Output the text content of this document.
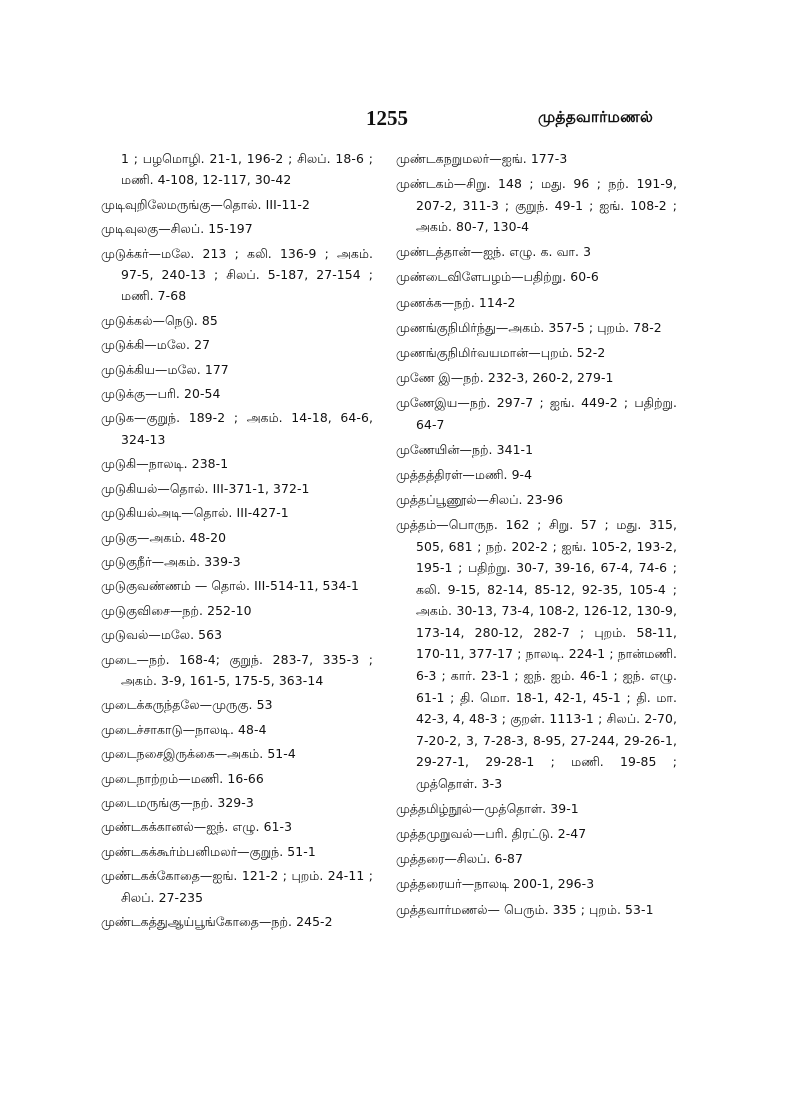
1255	முத்தவார்மணல்
1 ; பழமொழி. 21-1, 196-2 ; சிலப். 18-6 ; மணி. 4-108, 12-117, 30-42
முடிவுறிலேமருங்கு—தொல். III-11-2
முடிவுலகு—சிலப். 15-197
முடுக்கர்—மலே. 213 ; கலி. 136-9 ; அகம். 97-5, 240-13 ; சிலப். 5-187, 27-154 ; மணி. 7-68
முடுக்கல்—நெடு. 85
முடுக்கி—மலே. 27
முடுக்கிய—மலே. 177
முடுக்கு—பரி. 20-54
முடுக—குறுந். 189-2 ; அகம். 14-18, 64-6, 324-13
முடுகி—நாலடி. 238-1
முடுகியல்—தொல். III-371-1, 372-1
முடுகியல்அடி—தொல். III-427-1
முடுகு—அகம். 48-20
முடுகுநீர்—அகம். 339-3
முடுகுவண்ணம் — தொல். III-514-11, 534-1
முடுகுவிசை—நற். 252-10
முடுவல்—மலே. 563
முடை—நற். 168-4; குறுந். 283-7, 335-3 ; அகம். 3-9, 161-5, 175-5, 363-14
முடைக்கருந்தலே—முருகு. 53
முடைச்சாகாடு—நாலடி. 48-4
முடைநசைஇருக்கை—அகம். 51-4
முடைநாற்றம்—மணி. 16-66
முடைமருங்கு—நற். 329-3
முண்டகக்கானல்—ஐந். எழு. 61-3
முண்டகக்கூர்ம்பனிமலர்—குறுந். 51-1
முண்டகக்கோதை—ஐங். 121-2 ; புறம். 24-11 ; சிலப். 27-235
முண்டகத்துஆய்பூங்கோதை—நற். 245-2
முண்டகநறுமலர்—ஐங். 177-3
முண்டகம்—சிறு. 148 ; மது. 96 ; நற். 191-9, 207-2, 311-3 ; குறுந். 49-1 ; ஐங். 108-2 ; அகம். 80-7, 130-4
முண்டத்தான்—ஐந். எழு. க. வா. 3
முண்டைவிளேபழம்—பதிற்று. 60-6
முணக்க—நற். 114-2
முணங்குநிமிர்ந்து—அகம். 357-5 ; புறம். 78-2
முணங்குநிமிர்வயமான்—புறம். 52-2
முணே இ—நற். 232-3, 260-2, 279-1
முணேஇய—நற். 297-7 ; ஐங். 449-2 ; பதிற்று. 64-7
முணேயின்—நற். 341-1
முத்தத்திரள்—மணி. 9-4
முத்தப்பூணூல்—சிலப். 23-96
முத்தம்—பொருந. 162 ; சிறு. 57 ; மது. 315, 505, 681 ; நற். 202-2 ; ஐங். 105-2, 193-2, 195-1 ; பதிற்று. 30-7, 39-16, 67-4, 74-6 ; கலி. 9-15, 82-14, 85-12, 92-35, 105-4 ; அகம். 30-13, 73-4, 108-2, 126-12, 130-9, 173-14, 280-12, 282-7 ; புறம். 58-11, 170-11, 377-17 ; நாலடி. 224-1 ; நான்மணி. 6-3 ; கார். 23-1 ; ஐந். ஐம். 46-1 ; ஐந். எழு. 61-1 ; தி. மொ. 18-1, 42-1, 45-1 ; தி. மா. 42-3, 4, 48-3 ; குறள். 1113-1 ; சிலப். 2-70, 7-20-2, 3, 7-28-3, 8-95, 27-244, 29-26-1, 29-27-1, 29-28-1 ; மணி. 19-85 ; முத்தொள். 3-3
முத்தமிழ்நூல்—முத்தொள். 39-1
முத்தமுறுவல்—பரி. திரட்டு. 2-47
முத்தரை—சிலப். 6-87
முத்தரையர்—நாலடி 200-1, 296-3
முத்தவார்மணல்— பெரும். 335 ; புறம். 53-1
